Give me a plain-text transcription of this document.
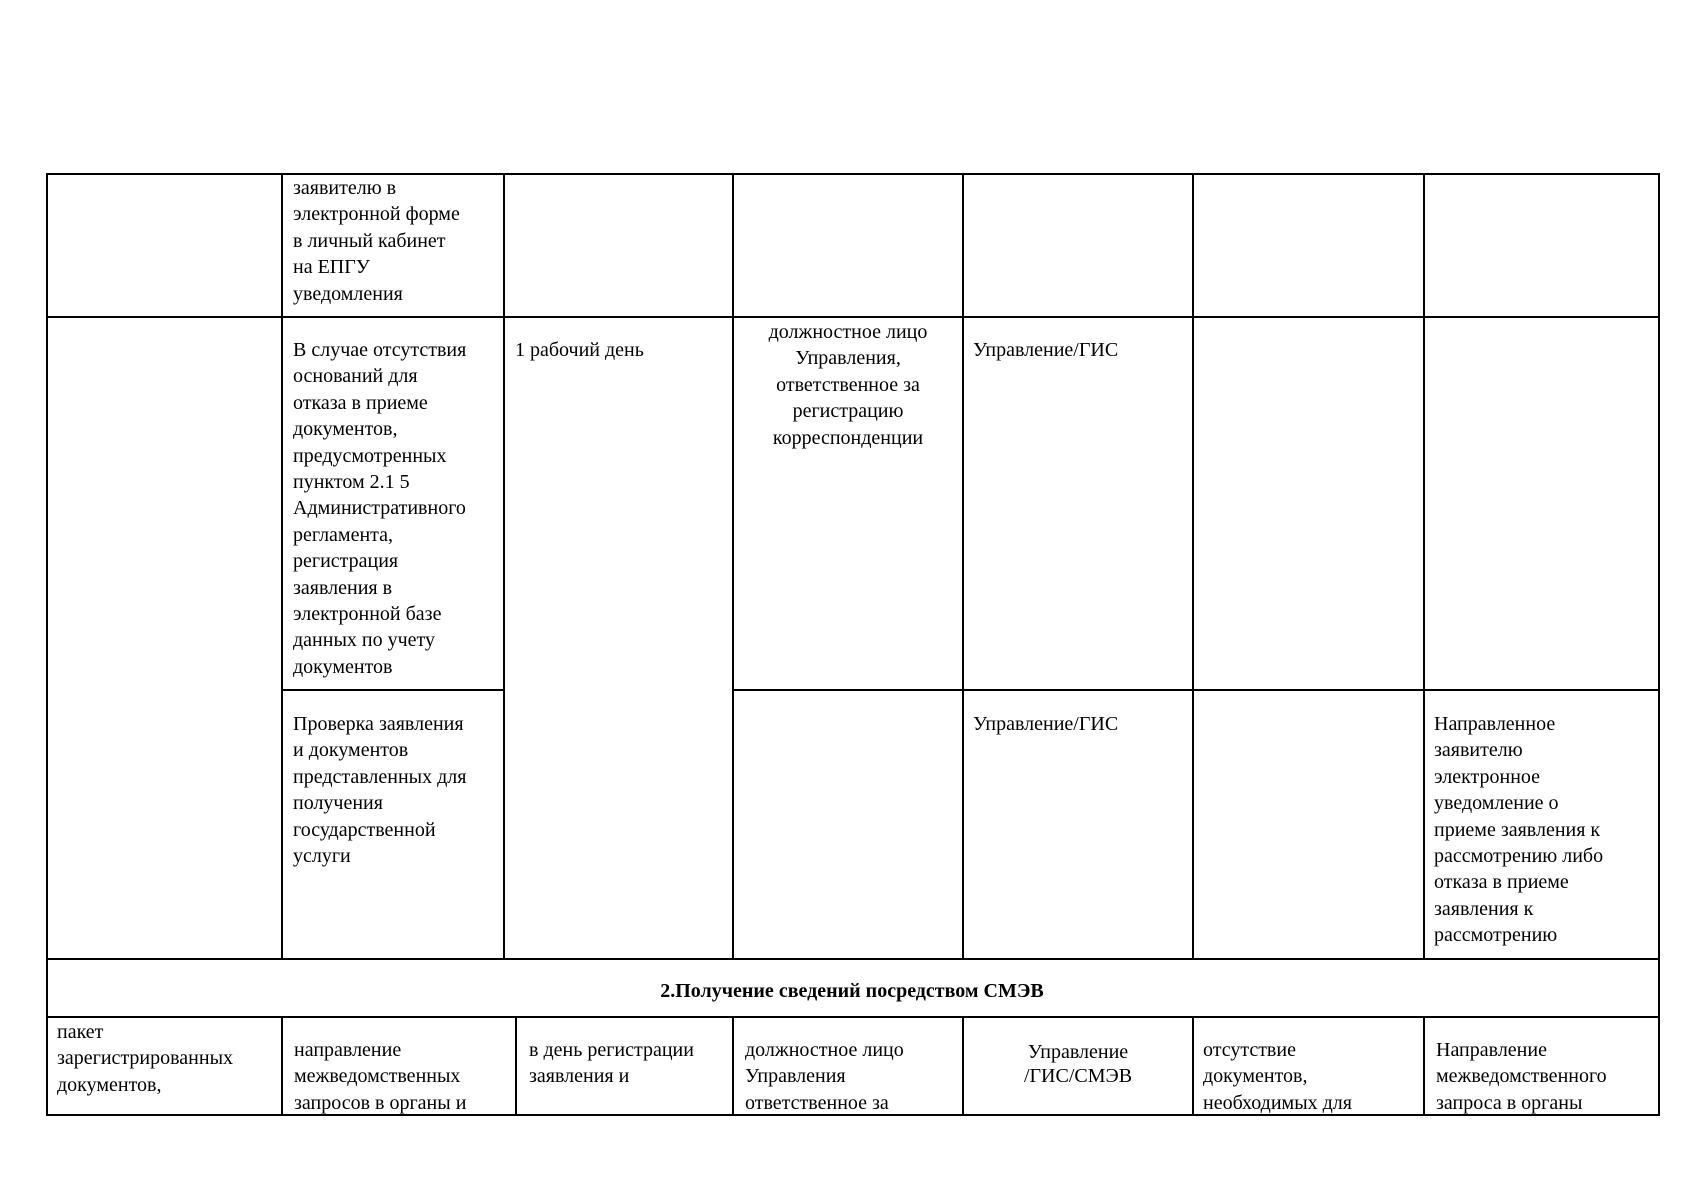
заявителю в
электронной форме
в личный кабинет
на ЕПГУ
уведомления
В случае отсутствия
оснований для
отказа в приеме
документов,
предусмотренных
пунктом 2.1 5
Административного
регламента,
регистрация
заявления в
электронной базе
данных по учету
документов
1 рабочий день
должностное лицо
Управления,
ответственное за
регистрацию
корреспонденции
Управление/ГИС
Проверка заявления
и документов
представленных для
получения
государственной
услуги
Управление/ГИС	Направленное
заявителю
электронное
уведомление о
приеме заявления к
рассмотрению либо
отказа в приеме
заявления к
рассмотрению
2.Получение сведений посредством СМЭВ
пакет
зарегистрированных
документов,
направление
межведомственных
запросов в органы и
в день регистрации
заявления и
должностное лицо
Управления
ответственное за
Управление
/ГИС/СМЭВ
отсутствие
документов,
необходимых для
Направление
межведомственного
запроса в органы
